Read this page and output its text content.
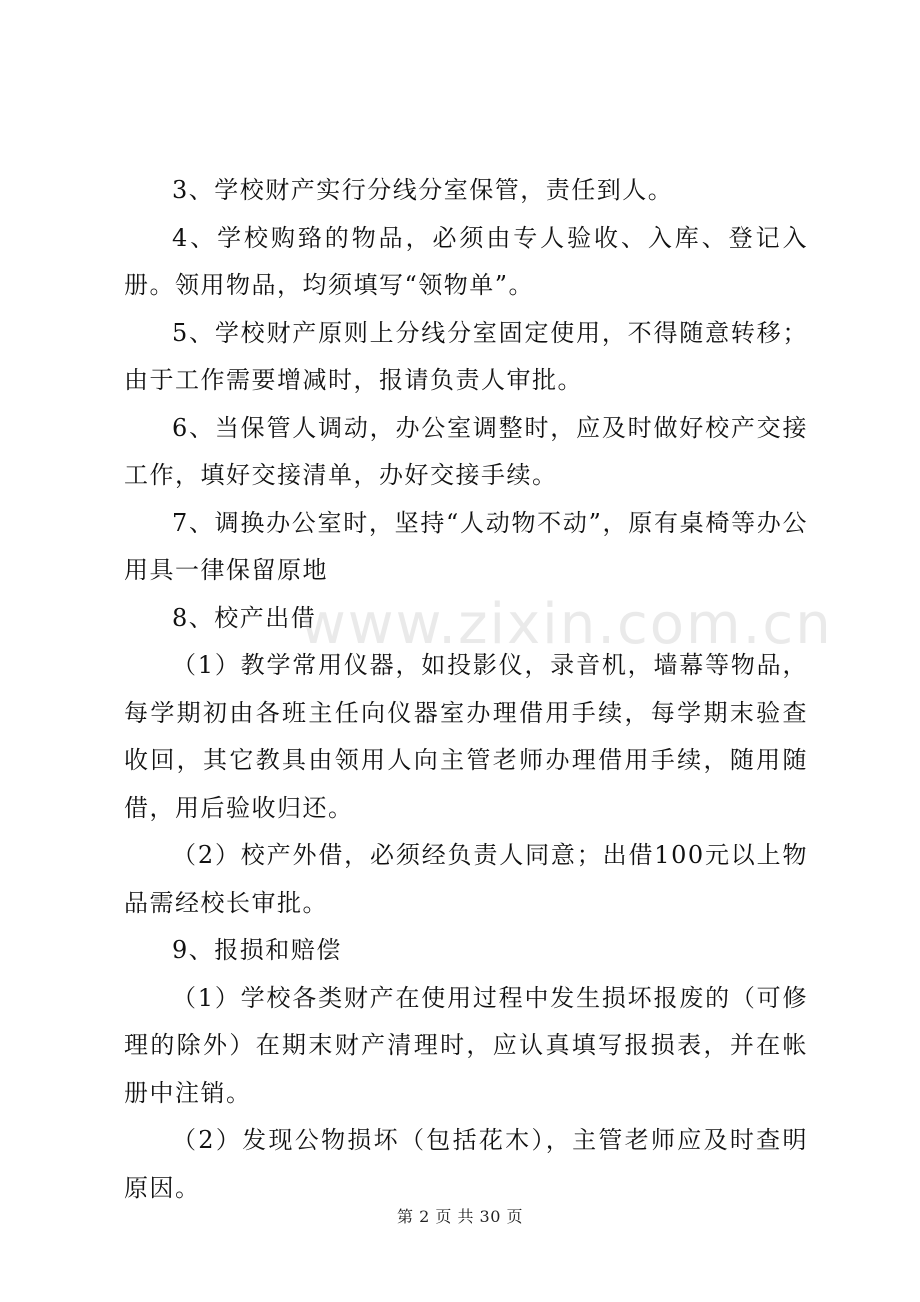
3、学校财产实行分线分室保管，责任到人。

4、学校购臵的物品，必须由专人验收、入库、登记入册。领用物品，均须填写“领物单”。

5、学校财产原则上分线分室固定使用，不得随意转移；由于工作需要增减时，报请负责人审批。

6、当保管人调动，办公室调整时，应及时做好校产交接工作，填好交接清单，办好交接手续。

7、调换办公室时，坚持“人动物不动”，原有桌椅等办公用具一律保留原地

8、校产出借

（1）教学常用仪器，如投影仪，录音机，墙幕等物品，每学期初由各班主任向仪器室办理借用手续，每学期末验查收回，其它教具由领用人向主管老师办理借用手续，随用随借，用后验收归还。

（2）校产外借，必须经负责人同意；出借100元以上物品需经校长审批。

9、报损和赔偿

（1）学校各类财产在使用过程中发生损坏报废的（可修理的除外）在期末财产清理时，应认真填写报损表，并在帐册中注销。

（2）发现公物损坏（包括花木），主管老师应及时查明原因。

www.zixin.com.cn
第 2 页 共 30 页
